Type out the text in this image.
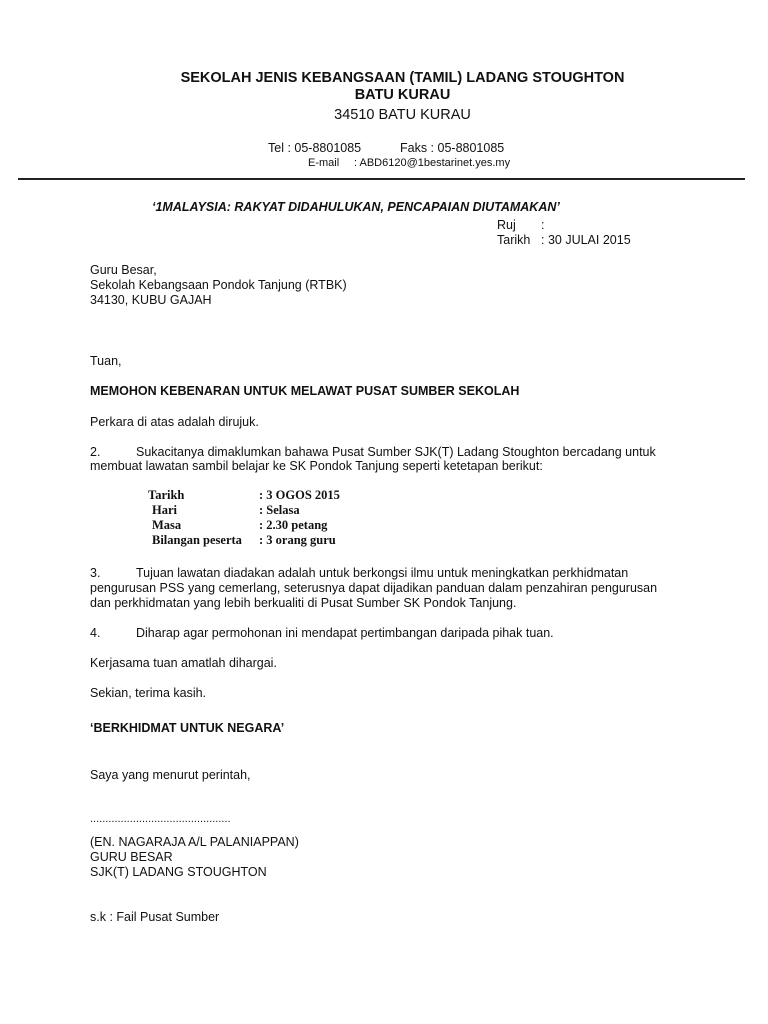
SEKOLAH JENIS KEBANGSAAN (TAMIL) LADANG STOUGHTON
BATU KURAU
34510 BATU KURAU
Tel : 05-8801085	Faks : 05-8801085
E-mail : ABD6120@1bestarinet.yes.my
‘1MALAYSIA: RAKYAT DIDAHULUKAN, PENCAPAIAN DIUTAMAKAN’
Ruj :
Tarikh : 30 JULAI 2015
Guru Besar,
Sekolah Kebangsaan Pondok Tanjung (RTBK)
34130, KUBU GAJAH
Tuan,
MEMOHON KEBENARAN UNTUK MELAWAT PUSAT SUMBER SEKOLAH
Perkara di atas adalah dirujuk.
2.	Sukacitanya dimaklumkan bahawa Pusat Sumber SJK(T) Ladang Stoughton bercadang untuk
membuat lawatan sambil belajar ke SK Pondok Tanjung seperti ketetapan berikut:
Tarikh	: 3 OGOS 2015
Hari	: Selasa
Masa	: 2.30 petang
Bilangan peserta	: 3 orang guru
3.	Tujuan lawatan diadakan adalah untuk berkongsi ilmu untuk meningkatkan perkhidmatan
pengurusan PSS yang cemerlang, seterusnya dapat dijadikan panduan dalam penzahiran pengurusan
dan perkhidmatan yang lebih berkualiti di Pusat Sumber SK Pondok Tanjung.
4.	Diharap agar permohonan ini mendapat pertimbangan daripada pihak tuan.
Kerjasama tuan amatlah dihargai.
Sekian, terima kasih.
‘BERKHIDMAT UNTUK NEGARA’
Saya yang menurut perintah,
..............................................
(EN. NAGARAJA A/L PALANIAPPAN)
GURU BESAR
SJK(T) LADANG STOUGHTON
s.k : Fail Pusat Sumber
